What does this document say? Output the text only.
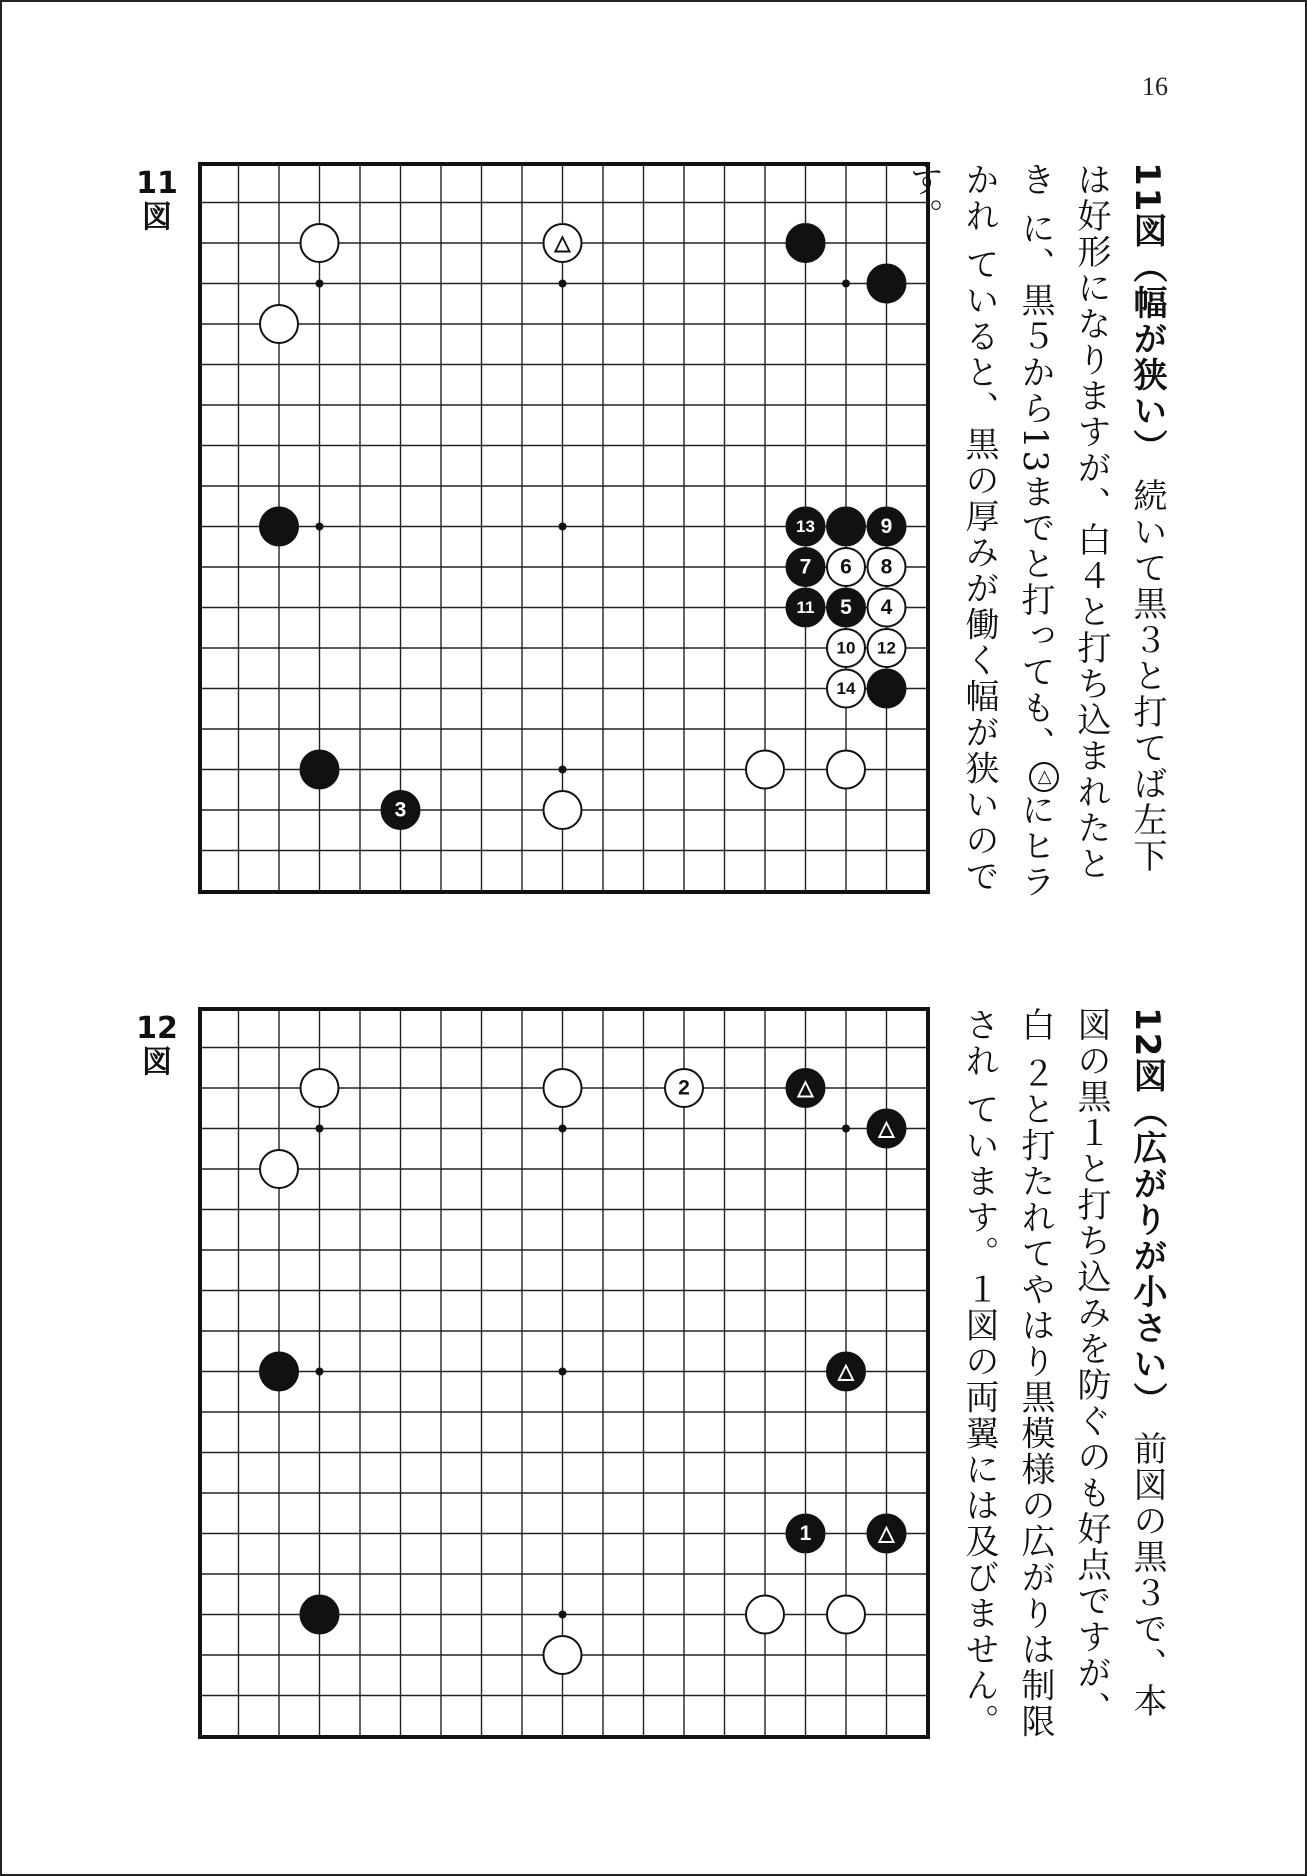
16
11
図
△
13	9
7 6 8
11 5 4
10 12
14
3
11図（幅が狭い） 続いて黒３と打てば左下 は好形になりますが、白４と打ち込まれたとき に、黒５から13までと打っても、△にヒラかれ ていると、黒の厚みが働く幅が狭いのです。
12
図
2	△
△
△
1	△
12図（広がりが小さい） 前図の黒３で、本 図の黒１と打ち込みを防ぐのも好点ですが、白 ２と打たれてやはり黒模様の広がりは制限され ています。１図の両翼には及びません。
